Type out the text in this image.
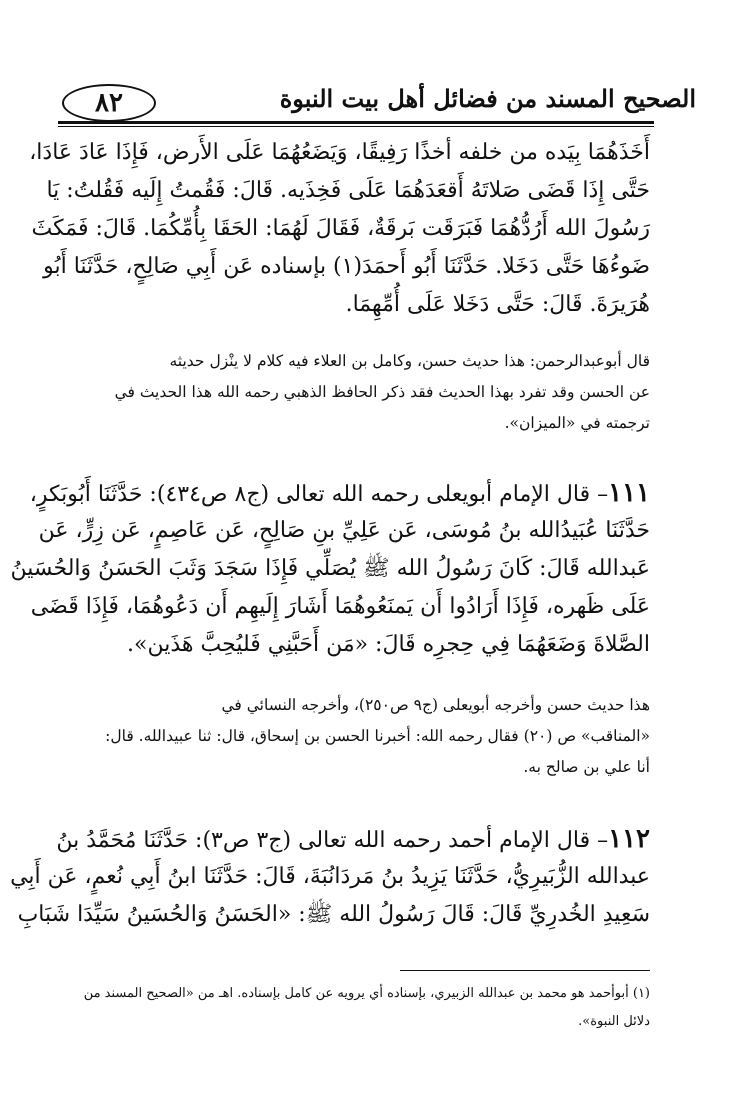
الصحيح المسند من فضائل أهل بيت النبوة
٨٢
أَخَذَهُمَا بِيَده من خلفه أخذًا رَفِيقًا، وَيَضَعُهُمَا عَلَى الأَرض، فَإِذَا عَادَ عَادَا،
حَتَّى إِذَا قَضَى صَلاتَهُ أَقعَدَهُمَا عَلَى فَخِذَيه. قَالَ: فَقُمتُ إِلَيه فَقُلتُ: يَا
رَسُولَ الله أَرُدُّهُمَا فَبَرَقَت بَرقَةٌ، فَقَالَ لَهُمَا: الحَقَا بِأُمِّكُمَا. قَالَ: فَمَكَثَ
ضَوءُهَا حَتَّى دَخَلا. حَدَّثَنَا أَبُو أَحمَدَ(١) بإسناده عَن أَبِي صَالِحٍ، حَدَّثَنَا أَبُو
هُرَيرَةَ. قَالَ: حَتَّى دَخَلا عَلَى أُمِّهِمَا.
قال أبوعبدالرحمن: هذا حديث حسن، وكامل بن العلاء فيه كلام لا ينْزل حديثه
عن الحسن وقد تفرد بهذا الحديث فقد ذكر الحافظ الذهبي رحمه الله هذا الحديث في
ترجمته في «الميزان».
١١١– قال الإمام أبويعلى رحمه الله تعالى (ج٨ ص٤٣٤): حَدَّثَنَا أَبُوبَكرٍ،
حَدَّثَنَا عُبَيدُالله بنُ مُوسَى، عَن عَلِيِّ بنِ صَالِحٍ، عَن عَاصِمٍ، عَن زِرٍّ، عَن
عَبدالله قَالَ: كَانَ رَسُولُ الله ﷺ يُصَلِّي فَإِذَا سَجَدَ وَثَبَ الحَسَنُ وَالحُسَينُ
عَلَى ظَهره، فَإِذَا أَرَادُوا أَن يَمنَعُوهُمَا أَشَارَ إِلَيهِم أَن دَعُوهُمَا، فَإِذَا قَضَى
الصَّلاةَ وَضَعَهُمَا فِي حِجرِه قَالَ: «مَن أَحَبَّنِي فَليُحِبَّ هَذَين».
هذا حديث حسن وأخرجه أبويعلى (ج٩ ص٢٥٠)، وأخرجه النسائي في
«المناقب» ص (٢٠) فقال رحمه الله: أخبرنا الحسن بن إسحاق، قال: ثنا عبيدالله. قال:
أنا علي بن صالح به.
١١٢– قال الإمام أحمد رحمه الله تعالى (ج٣ ص٣): حَدَّثَنَا مُحَمَّدُ بنُ
عبدالله الزُّبَيرِيُّ، حَدَّثَنَا يَزِيدُ بنُ مَردَانُبَةَ، قَالَ: حَدَّثَنَا ابنُ أَبِي نُعمٍ، عَن أَبِي
سَعِيدِ الخُدرِيِّ قَالَ: قَالَ رَسُولُ الله ﷺ: «الحَسَنُ وَالحُسَينُ سَيِّدَا شَبَابِ
(١) أبوأحمد هو محمد بن عبدالله الزبيري، بإسناده أي يرويه عن كامل بإسناده. اهـ من «الصحيح المسند من
دلائل النبوة».
